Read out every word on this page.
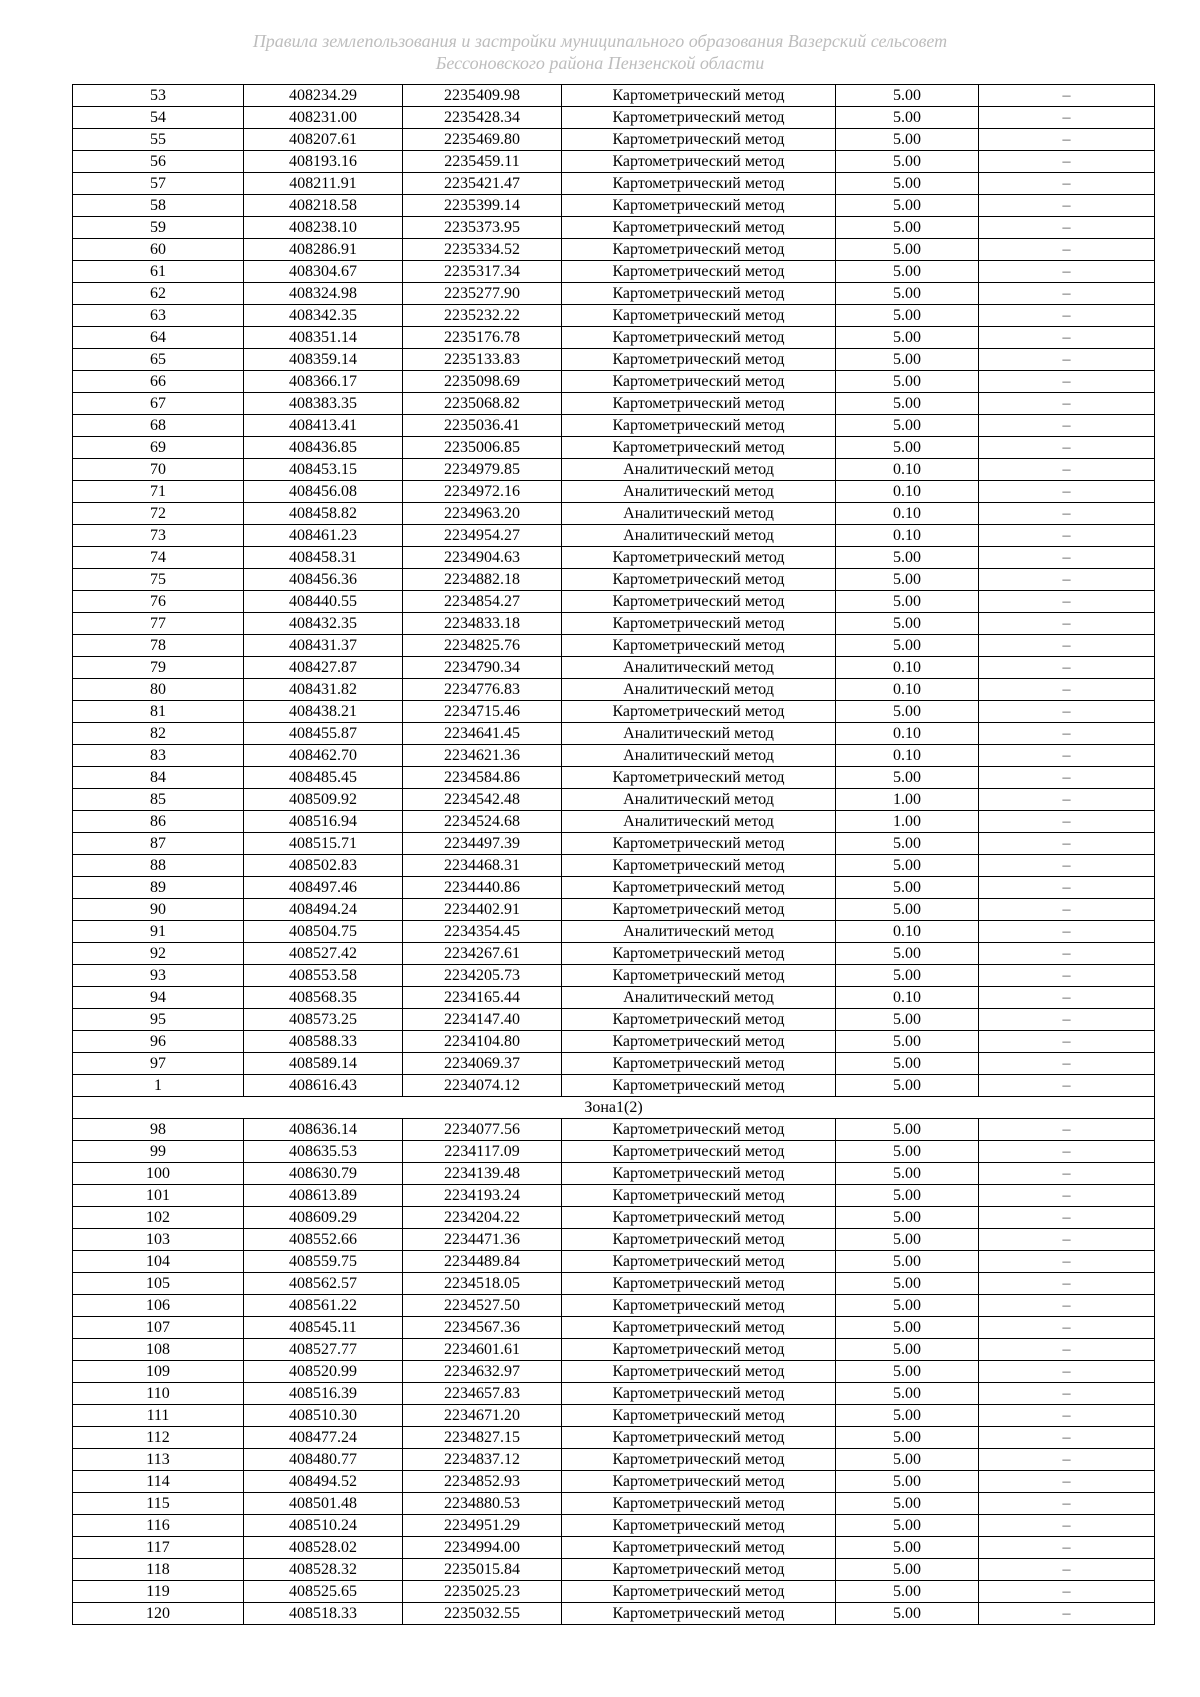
Правила землепользования и застройки муниципального образования Вазерский сельсовет
Бессоновского района Пензенской области
53	408234.29	2235409.98	Картометрический метод	5.00	–
54	408231.00	2235428.34	Картометрический метод	5.00	–
55	408207.61	2235469.80	Картометрический метод	5.00	–
56	408193.16	2235459.11	Картометрический метод	5.00	–
57	408211.91	2235421.47	Картометрический метод	5.00	–
58	408218.58	2235399.14	Картометрический метод	5.00	–
59	408238.10	2235373.95	Картометрический метод	5.00	–
60	408286.91	2235334.52	Картометрический метод	5.00	–
61	408304.67	2235317.34	Картометрический метод	5.00	–
62	408324.98	2235277.90	Картометрический метод	5.00	–
63	408342.35	2235232.22	Картометрический метод	5.00	–
64	408351.14	2235176.78	Картометрический метод	5.00	–
65	408359.14	2235133.83	Картометрический метод	5.00	–
66	408366.17	2235098.69	Картометрический метод	5.00	–
67	408383.35	2235068.82	Картометрический метод	5.00	–
68	408413.41	2235036.41	Картометрический метод	5.00	–
69	408436.85	2235006.85	Картометрический метод	5.00	–
70	408453.15	2234979.85	Аналитический метод	0.10	–
71	408456.08	2234972.16	Аналитический метод	0.10	–
72	408458.82	2234963.20	Аналитический метод	0.10	–
73	408461.23	2234954.27	Аналитический метод	0.10	–
74	408458.31	2234904.63	Картометрический метод	5.00	–
75	408456.36	2234882.18	Картометрический метод	5.00	–
76	408440.55	2234854.27	Картометрический метод	5.00	–
77	408432.35	2234833.18	Картометрический метод	5.00	–
78	408431.37	2234825.76	Картометрический метод	5.00	–
79	408427.87	2234790.34	Аналитический метод	0.10	–
80	408431.82	2234776.83	Аналитический метод	0.10	–
81	408438.21	2234715.46	Картометрический метод	5.00	–
82	408455.87	2234641.45	Аналитический метод	0.10	–
83	408462.70	2234621.36	Аналитический метод	0.10	–
84	408485.45	2234584.86	Картометрический метод	5.00	–
85	408509.92	2234542.48	Аналитический метод	1.00	–
86	408516.94	2234524.68	Аналитический метод	1.00	–
87	408515.71	2234497.39	Картометрический метод	5.00	–
88	408502.83	2234468.31	Картометрический метод	5.00	–
89	408497.46	2234440.86	Картометрический метод	5.00	–
90	408494.24	2234402.91	Картометрический метод	5.00	–
91	408504.75	2234354.45	Аналитический метод	0.10	–
92	408527.42	2234267.61	Картометрический метод	5.00	–
93	408553.58	2234205.73	Картометрический метод	5.00	–
94	408568.35	2234165.44	Аналитический метод	0.10	–
95	408573.25	2234147.40	Картометрический метод	5.00	–
96	408588.33	2234104.80	Картометрический метод	5.00	–
97	408589.14	2234069.37	Картометрический метод	5.00	–
1	408616.43	2234074.12	Картометрический метод	5.00	–
Зона1(2)					
98	408636.14	2234077.56	Картометрический метод	5.00	–
99	408635.53	2234117.09	Картометрический метод	5.00	–
100	408630.79	2234139.48	Картометрический метод	5.00	–
101	408613.89	2234193.24	Картометрический метод	5.00	–
102	408609.29	2234204.22	Картометрический метод	5.00	–
103	408552.66	2234471.36	Картометрический метод	5.00	–
104	408559.75	2234489.84	Картометрический метод	5.00	–
105	408562.57	2234518.05	Картометрический метод	5.00	–
106	408561.22	2234527.50	Картометрический метод	5.00	–
107	408545.11	2234567.36	Картометрический метод	5.00	–
108	408527.77	2234601.61	Картометрический метод	5.00	–
109	408520.99	2234632.97	Картометрический метод	5.00	–
110	408516.39	2234657.83	Картометрический метод	5.00	–
111	408510.30	2234671.20	Картометрический метод	5.00	–
112	408477.24	2234827.15	Картометрический метод	5.00	–
113	408480.77	2234837.12	Картометрический метод	5.00	–
114	408494.52	2234852.93	Картометрический метод	5.00	–
115	408501.48	2234880.53	Картометрический метод	5.00	–
116	408510.24	2234951.29	Картометрический метод	5.00	–
117	408528.02	2234994.00	Картометрический метод	5.00	–
118	408528.32	2235015.84	Картометрический метод	5.00	–
119	408525.65	2235025.23	Картометрический метод	5.00	–
120	408518.33	2235032.55	Картометрический метод	5.00	–
